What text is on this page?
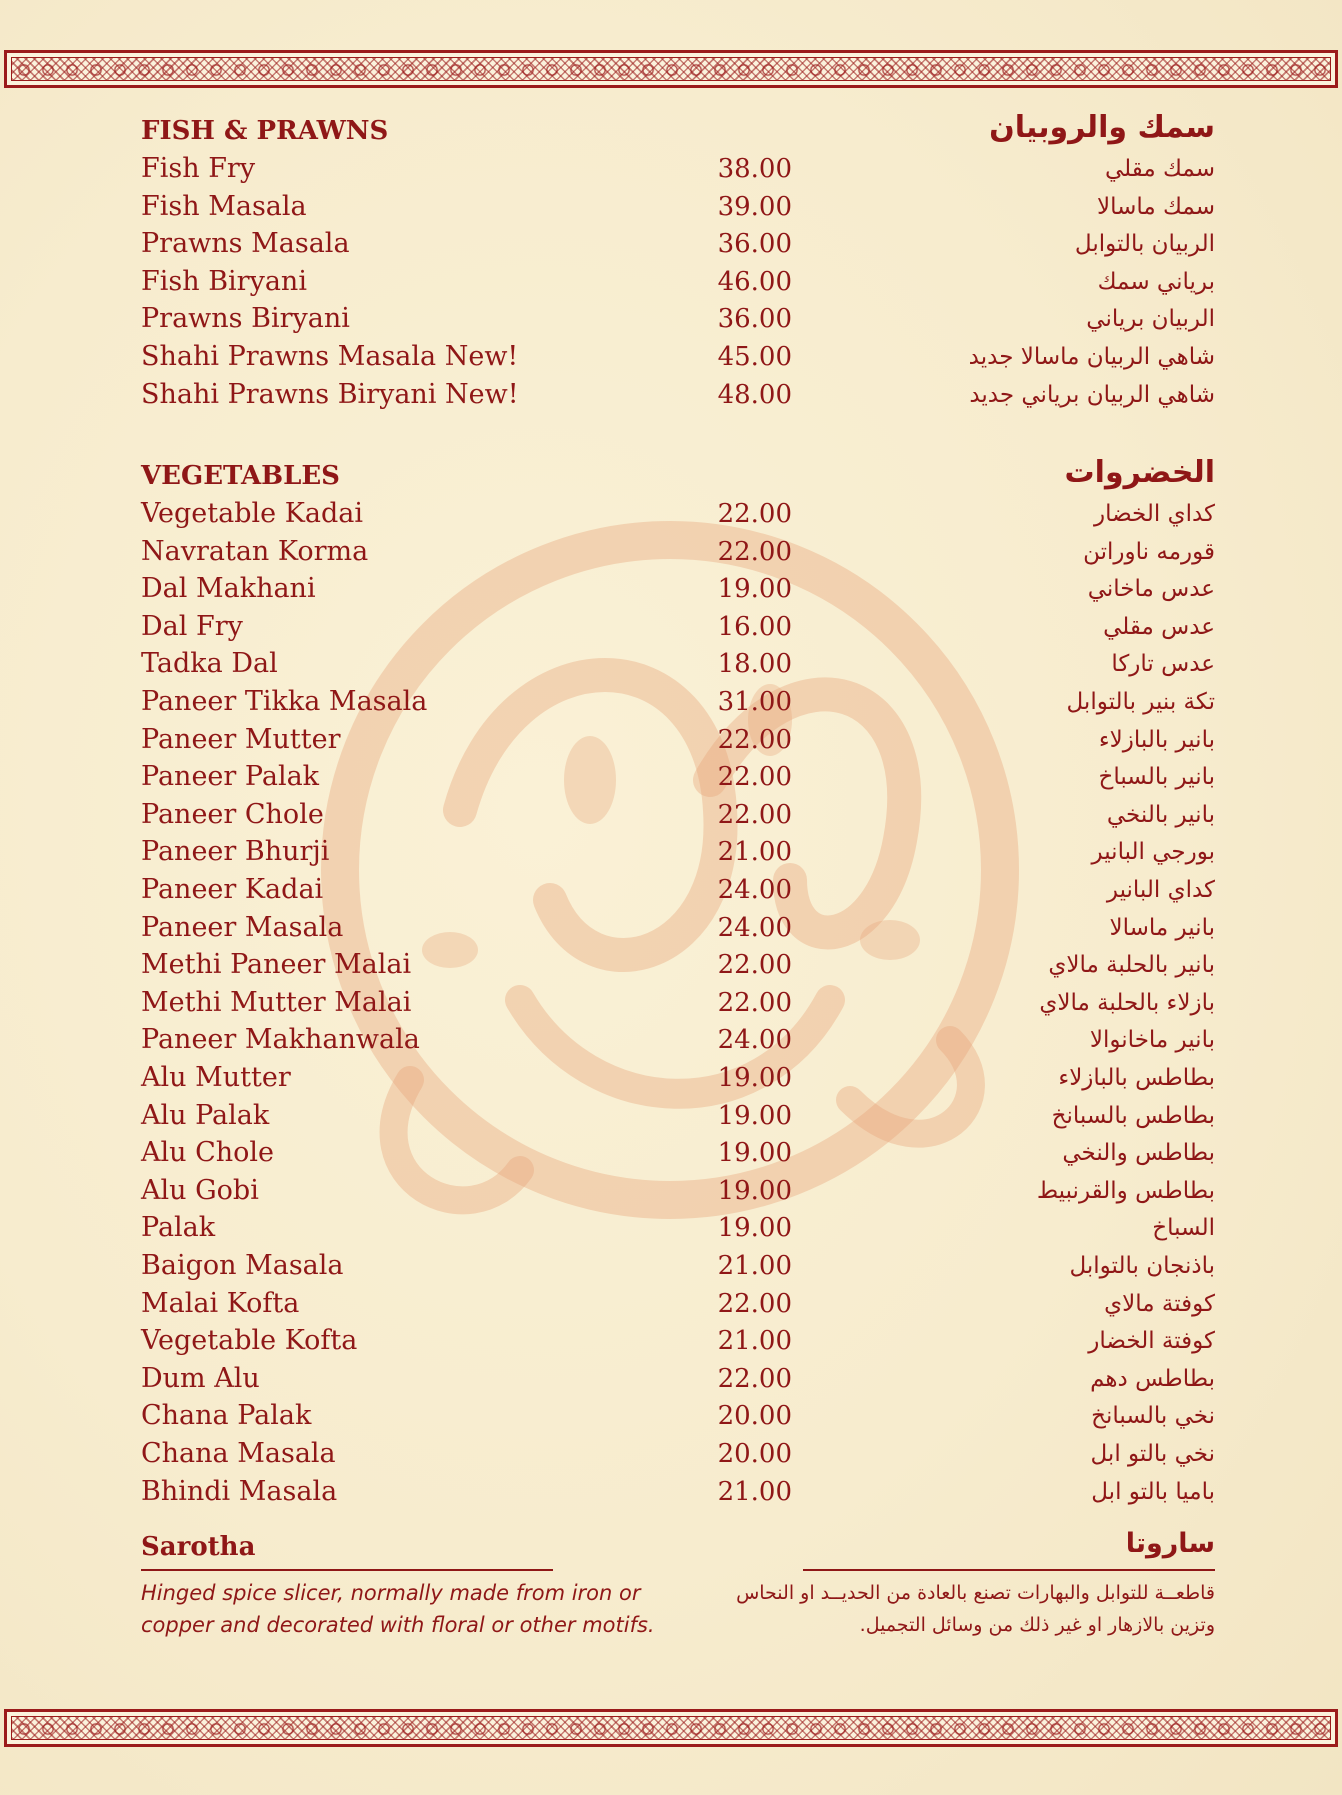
FISH & PRAWNS	سمك والروبيان
Fish Fry	38.00	سمك مقلي
Fish Masala	39.00	سمك ماسالا
Prawns Masala	36.00	الربيان بالتوابل
Fish Biryani	46.00	برياني سمك
Prawns Biryani	36.00	الربيان برياني
Shahi Prawns Masala New!	45.00	شاهي الربيان ماسالا جديد
Shahi Prawns Biryani New!	48.00	شاهي الربيان برياني جديد
VEGETABLES	الخضروات
Vegetable Kadai	22.00	كداي الخضار
Navratan Korma	22.00	قورمه ناوراتن
Dal Makhani	19.00	عدس ماخاني
Dal Fry	16.00	عدس مقلي
Tadka Dal	18.00	عدس تاركا
Paneer Tikka Masala	31.00	تكة بنير بالتوابل
Paneer Mutter	22.00	بانير بالبازلاء
Paneer Palak	22.00	بانير بالسباخ
Paneer Chole	22.00	بانير بالنخي
Paneer Bhurji	21.00	بورجي البانير
Paneer Kadai	24.00	كداي البانير
Paneer Masala	24.00	بانير ماسالا
Methi Paneer Malai	22.00	بانير بالحلبة مالاي
Methi Mutter Malai	22.00	بازلاء بالحلبة مالاي
Paneer Makhanwala	24.00	بانير ماخانوالا
Alu Mutter	19.00	بطاطس بالبازلاء
Alu Palak	19.00	بطاطس بالسبانخ
Alu Chole	19.00	بطاطس والنخي
Alu Gobi	19.00	بطاطس والقرنبيط
Palak	19.00	السباخ
Baigon Masala	21.00	باذنجان بالتوابل
Malai Kofta	22.00	كوفتة مالاي
Vegetable Kofta	21.00	كوفتة الخضار
Dum Alu	22.00	بطاطس دهم
Chana Palak	20.00	نخي بالسبانخ
Chana Masala	20.00	نخي بالتو ابل
Bhindi Masala	21.00	باميا بالتو ابل
Sarotha	ساروتا
Hinged spice slicer, normally made from iron or copper and decorated with floral or other motifs.
قاطعــة للتوابل والبهارات تصنع بالعادة من الحديــد او النحاس وتزين بالازهار او غير ذلك من وسائل التجميل.
